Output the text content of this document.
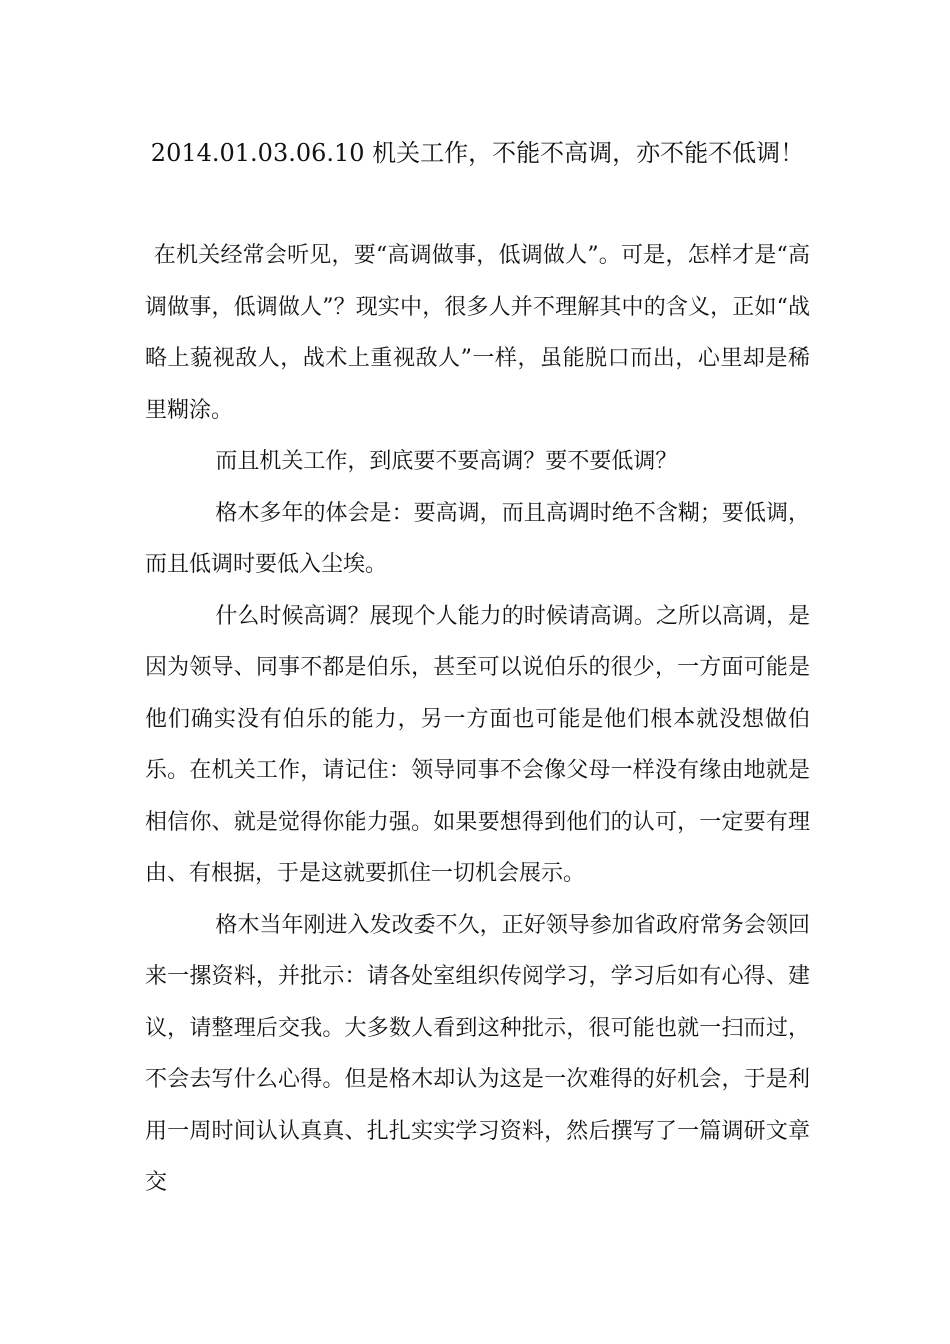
2014.01.03.06.10 机关工作，不能不高调，亦不能不低调！

在机关经常会听见，要“高调做事，低调做人”。可是，怎样才是“高调做事，低调做人”？现实中，很多人并不理解其中的含义，正如“战略上藐视敌人，战术上重视敌人”一样，虽能脱口而出，心里却是稀里糊涂。

而且机关工作，到底要不要高调？要不要低调？

格木多年的体会是：要高调，而且高调时绝不含糊；要低调，而且低调时要低入尘埃。

什么时候高调？展现个人能力的时候请高调。之所以高调，是因为领导、同事不都是伯乐，甚至可以说伯乐的很少，一方面可能是他们确实没有伯乐的能力，另一方面也可能是他们根本就没想做伯乐。在机关工作，请记住：领导同事不会像父母一样没有缘由地就是相信你、就是觉得你能力强。如果要想得到他们的认可，一定要有理由、有根据，于是这就要抓住一切机会展示。

格木当年刚进入发改委不久，正好领导参加省政府常务会领回来一摞资料，并批示：请各处室组织传阅学习，学习后如有心得、建议，请整理后交我。大多数人看到这种批示，很可能也就一扫而过，不会去写什么心得。但是格木却认为这是一次难得的好机会，于是利用一周时间认认真真、扎扎实实学习资料，然后撰写了一篇调研文章交
